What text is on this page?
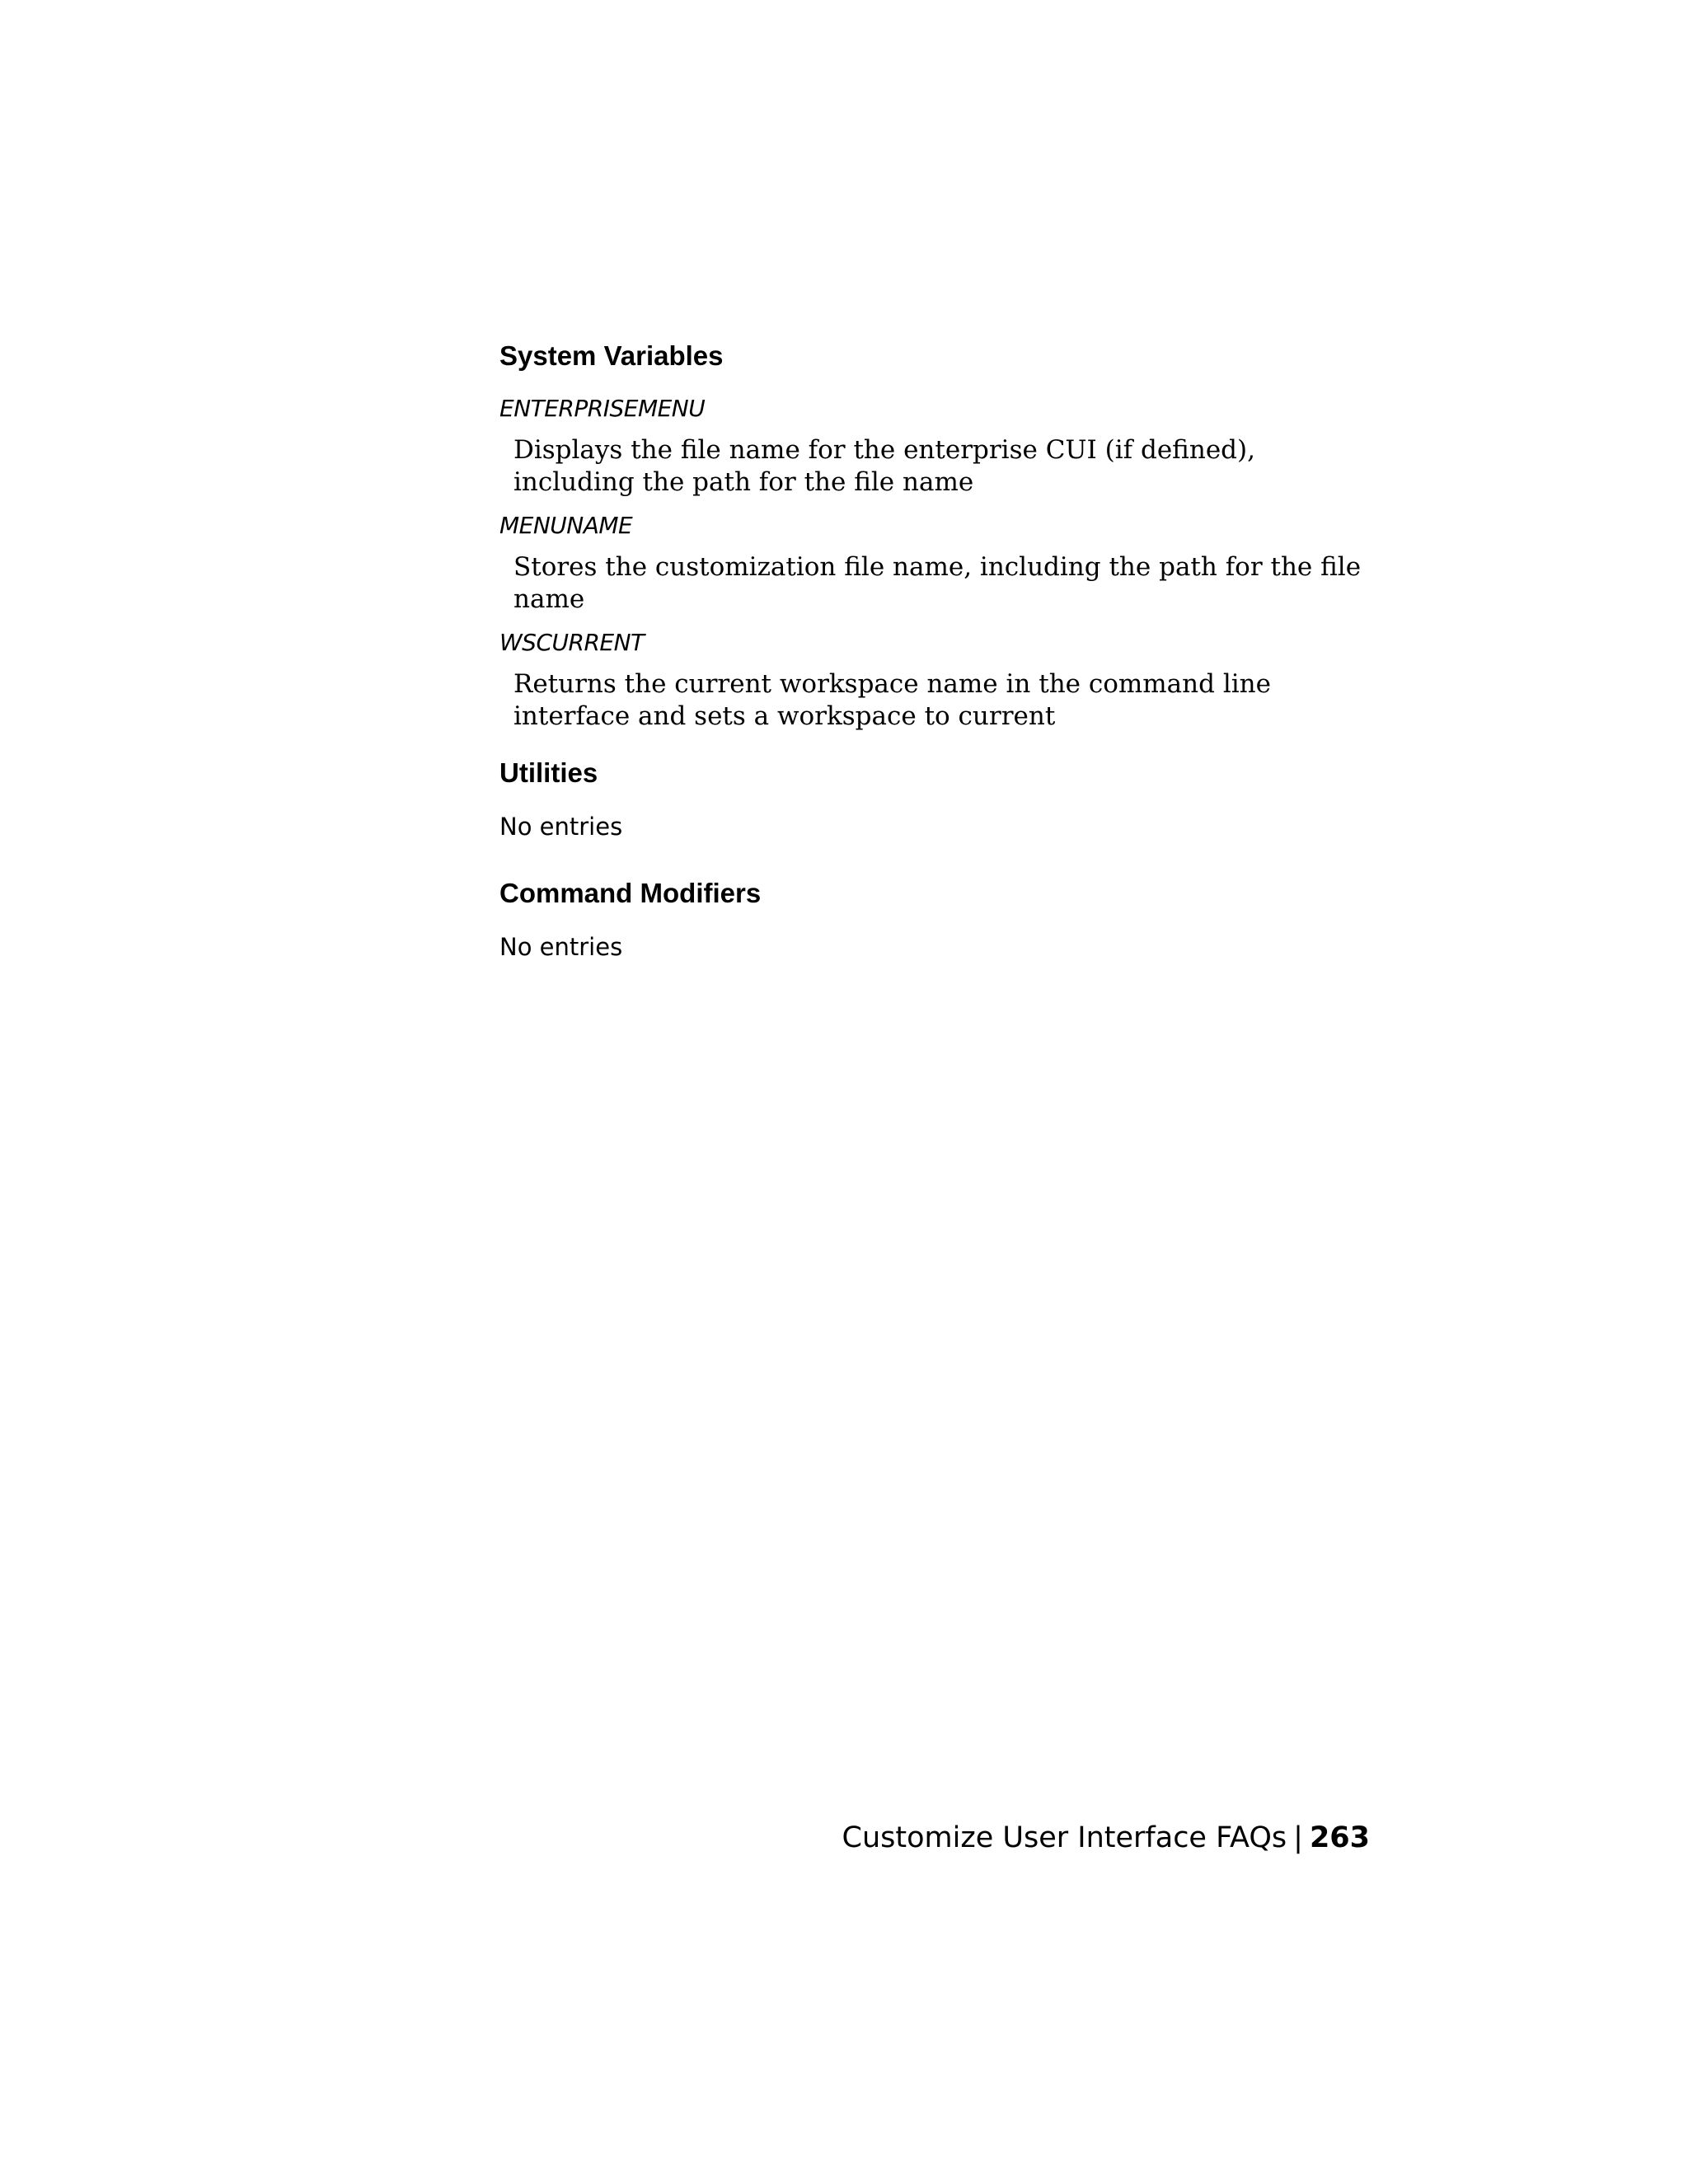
System Variables

ENTERPRISEMENU

Displays the file name for the enterprise CUI (if defined), including the path for the file name

MENUNAME

Stores the customization file name, including the path for the file name

WSCURRENT

Returns the current workspace name in the command line interface and sets a workspace to current

Utilities

No entries

Command Modifiers

No entries

Customize User Interface FAQs | 263
